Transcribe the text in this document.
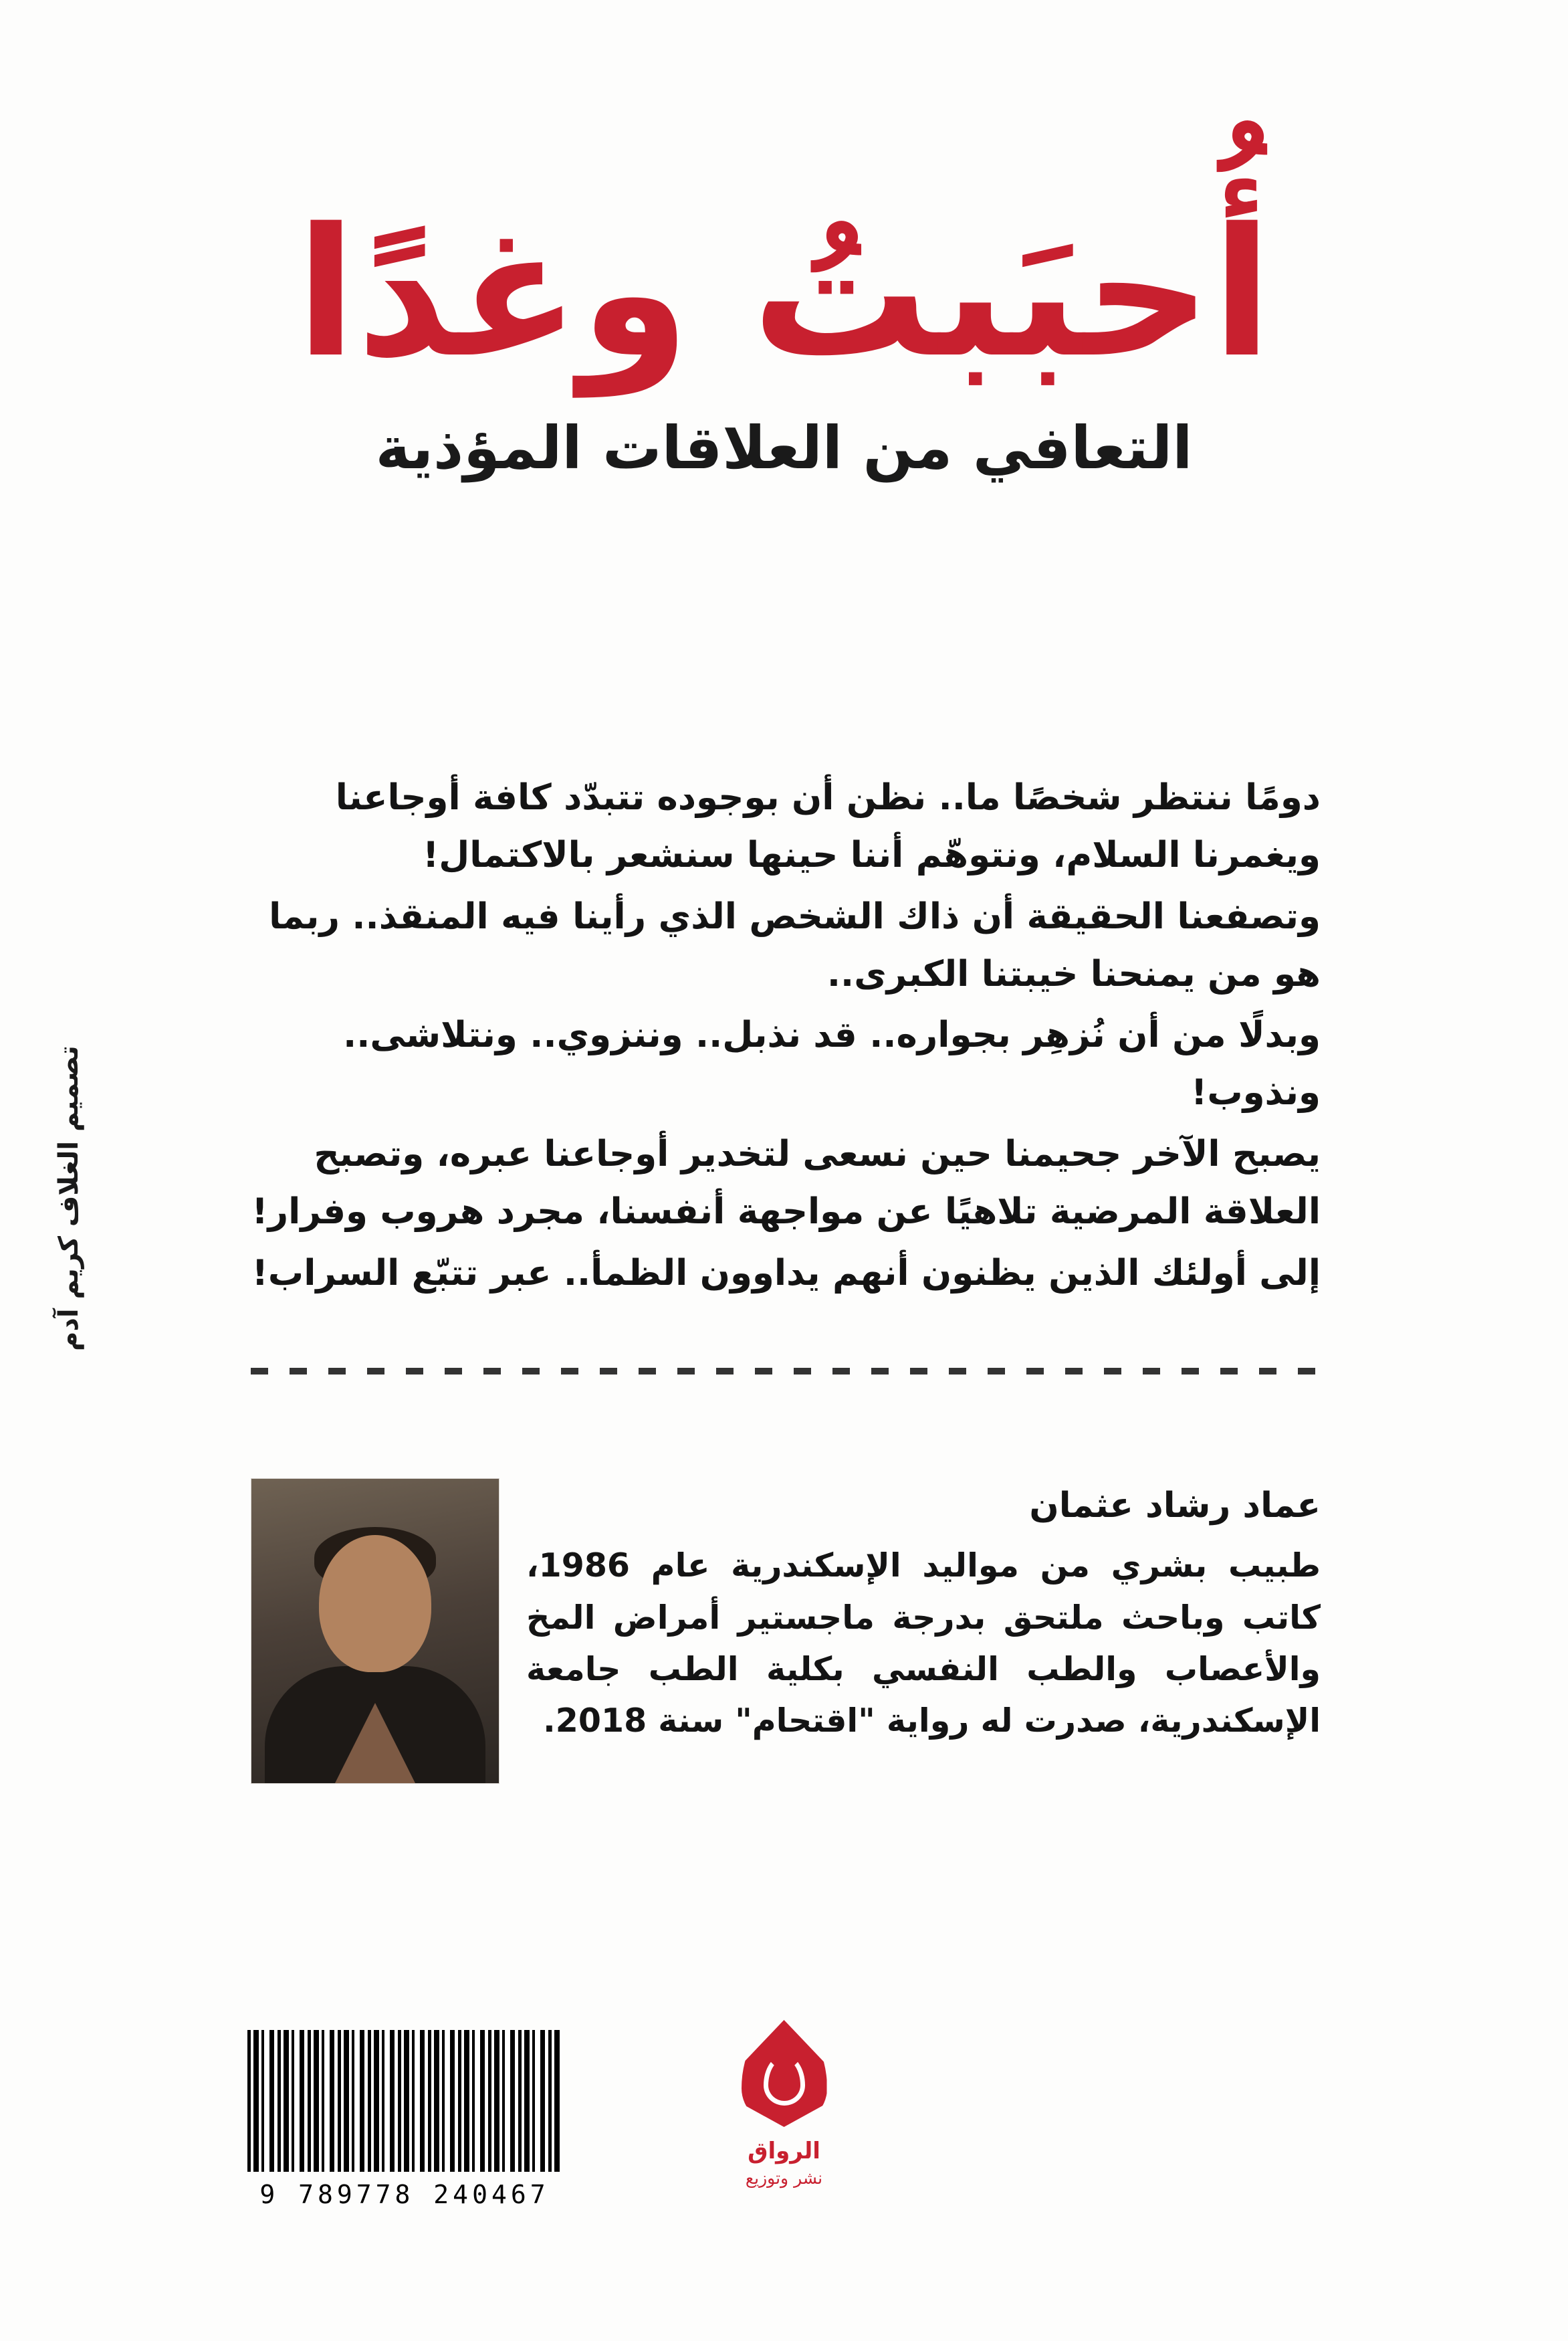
أُحبَبتُ وغدًا
التعافي من العلاقات المؤذية

دومًا ننتظر شخصًا ما.. نظن أن بوجوده تتبدّد كافة أوجاعنا ويغمرنا السلام، ونتوهّم أننا حينها سنشعر بالاكتمال!

وتصفعنا الحقيقة أن ذاك الشخص الذي رأينا فيه المنقذ.. ربما هو من يمنحنا خيبتنا الكبرى..

وبدلًا من أن نُزهِر بجواره.. قد نذبل.. وننزوي.. ونتلاشى.. ونذوب!

يصبح الآخر جحيمنا حين نسعى لتخدير أوجاعنا عبره، وتصبح العلاقة المرضية تلاهيًا عن مواجهة أنفسنا، مجرد هروب وفرار!

إلى أولئك الذين يظنون أنهم يداوون الظمأ.. عبر تتبّع السراب!

عماد رشاد عثمان
طبيب بشري من مواليد الإسكندرية عام 1986، كاتب وباحث ملتحق بدرجة ماجستير أمراض المخ والأعصاب والطب النفسي بكلية الطب جامعة الإسكندرية، صدرت له رواية "اقتحام" سنة 2018.
تصميم الغلاف كريم آدم
9 789778 240467
الرواق
نشر وتوزيع
